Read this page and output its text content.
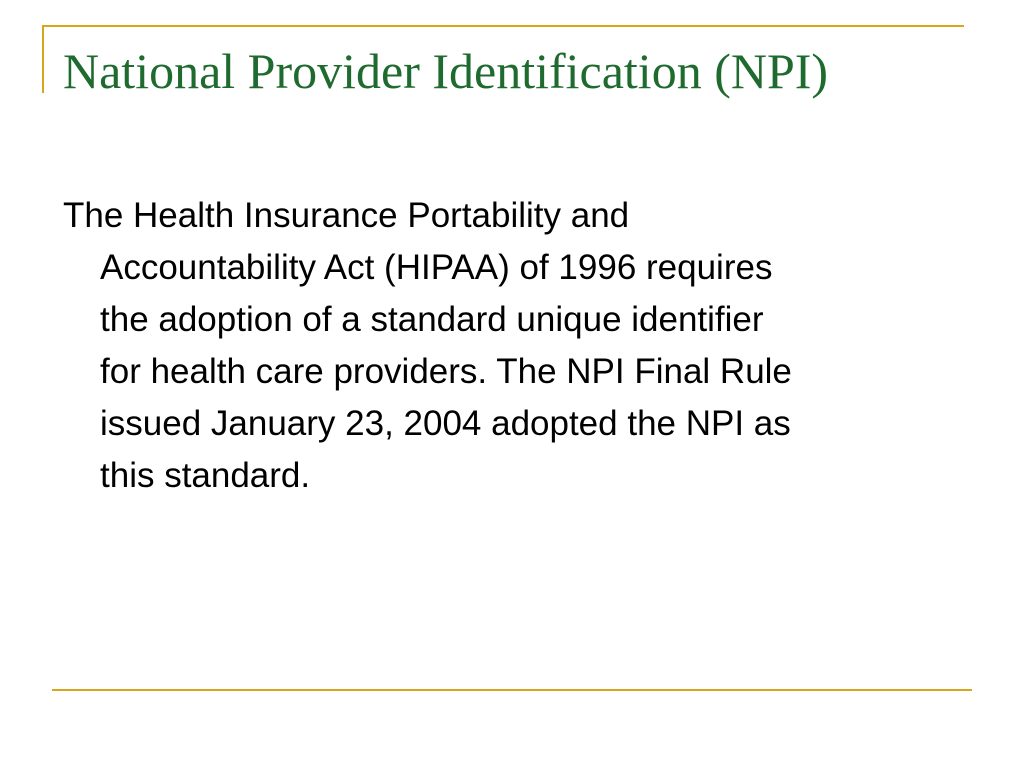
National Provider Identification (NPI)
The Health Insurance Portability and
Accountability Act (HIPAA) of 1996 requires
the adoption of a standard unique identifier
for health care providers. The NPI Final Rule
issued January 23, 2004 adopted the NPI as
this standard.
